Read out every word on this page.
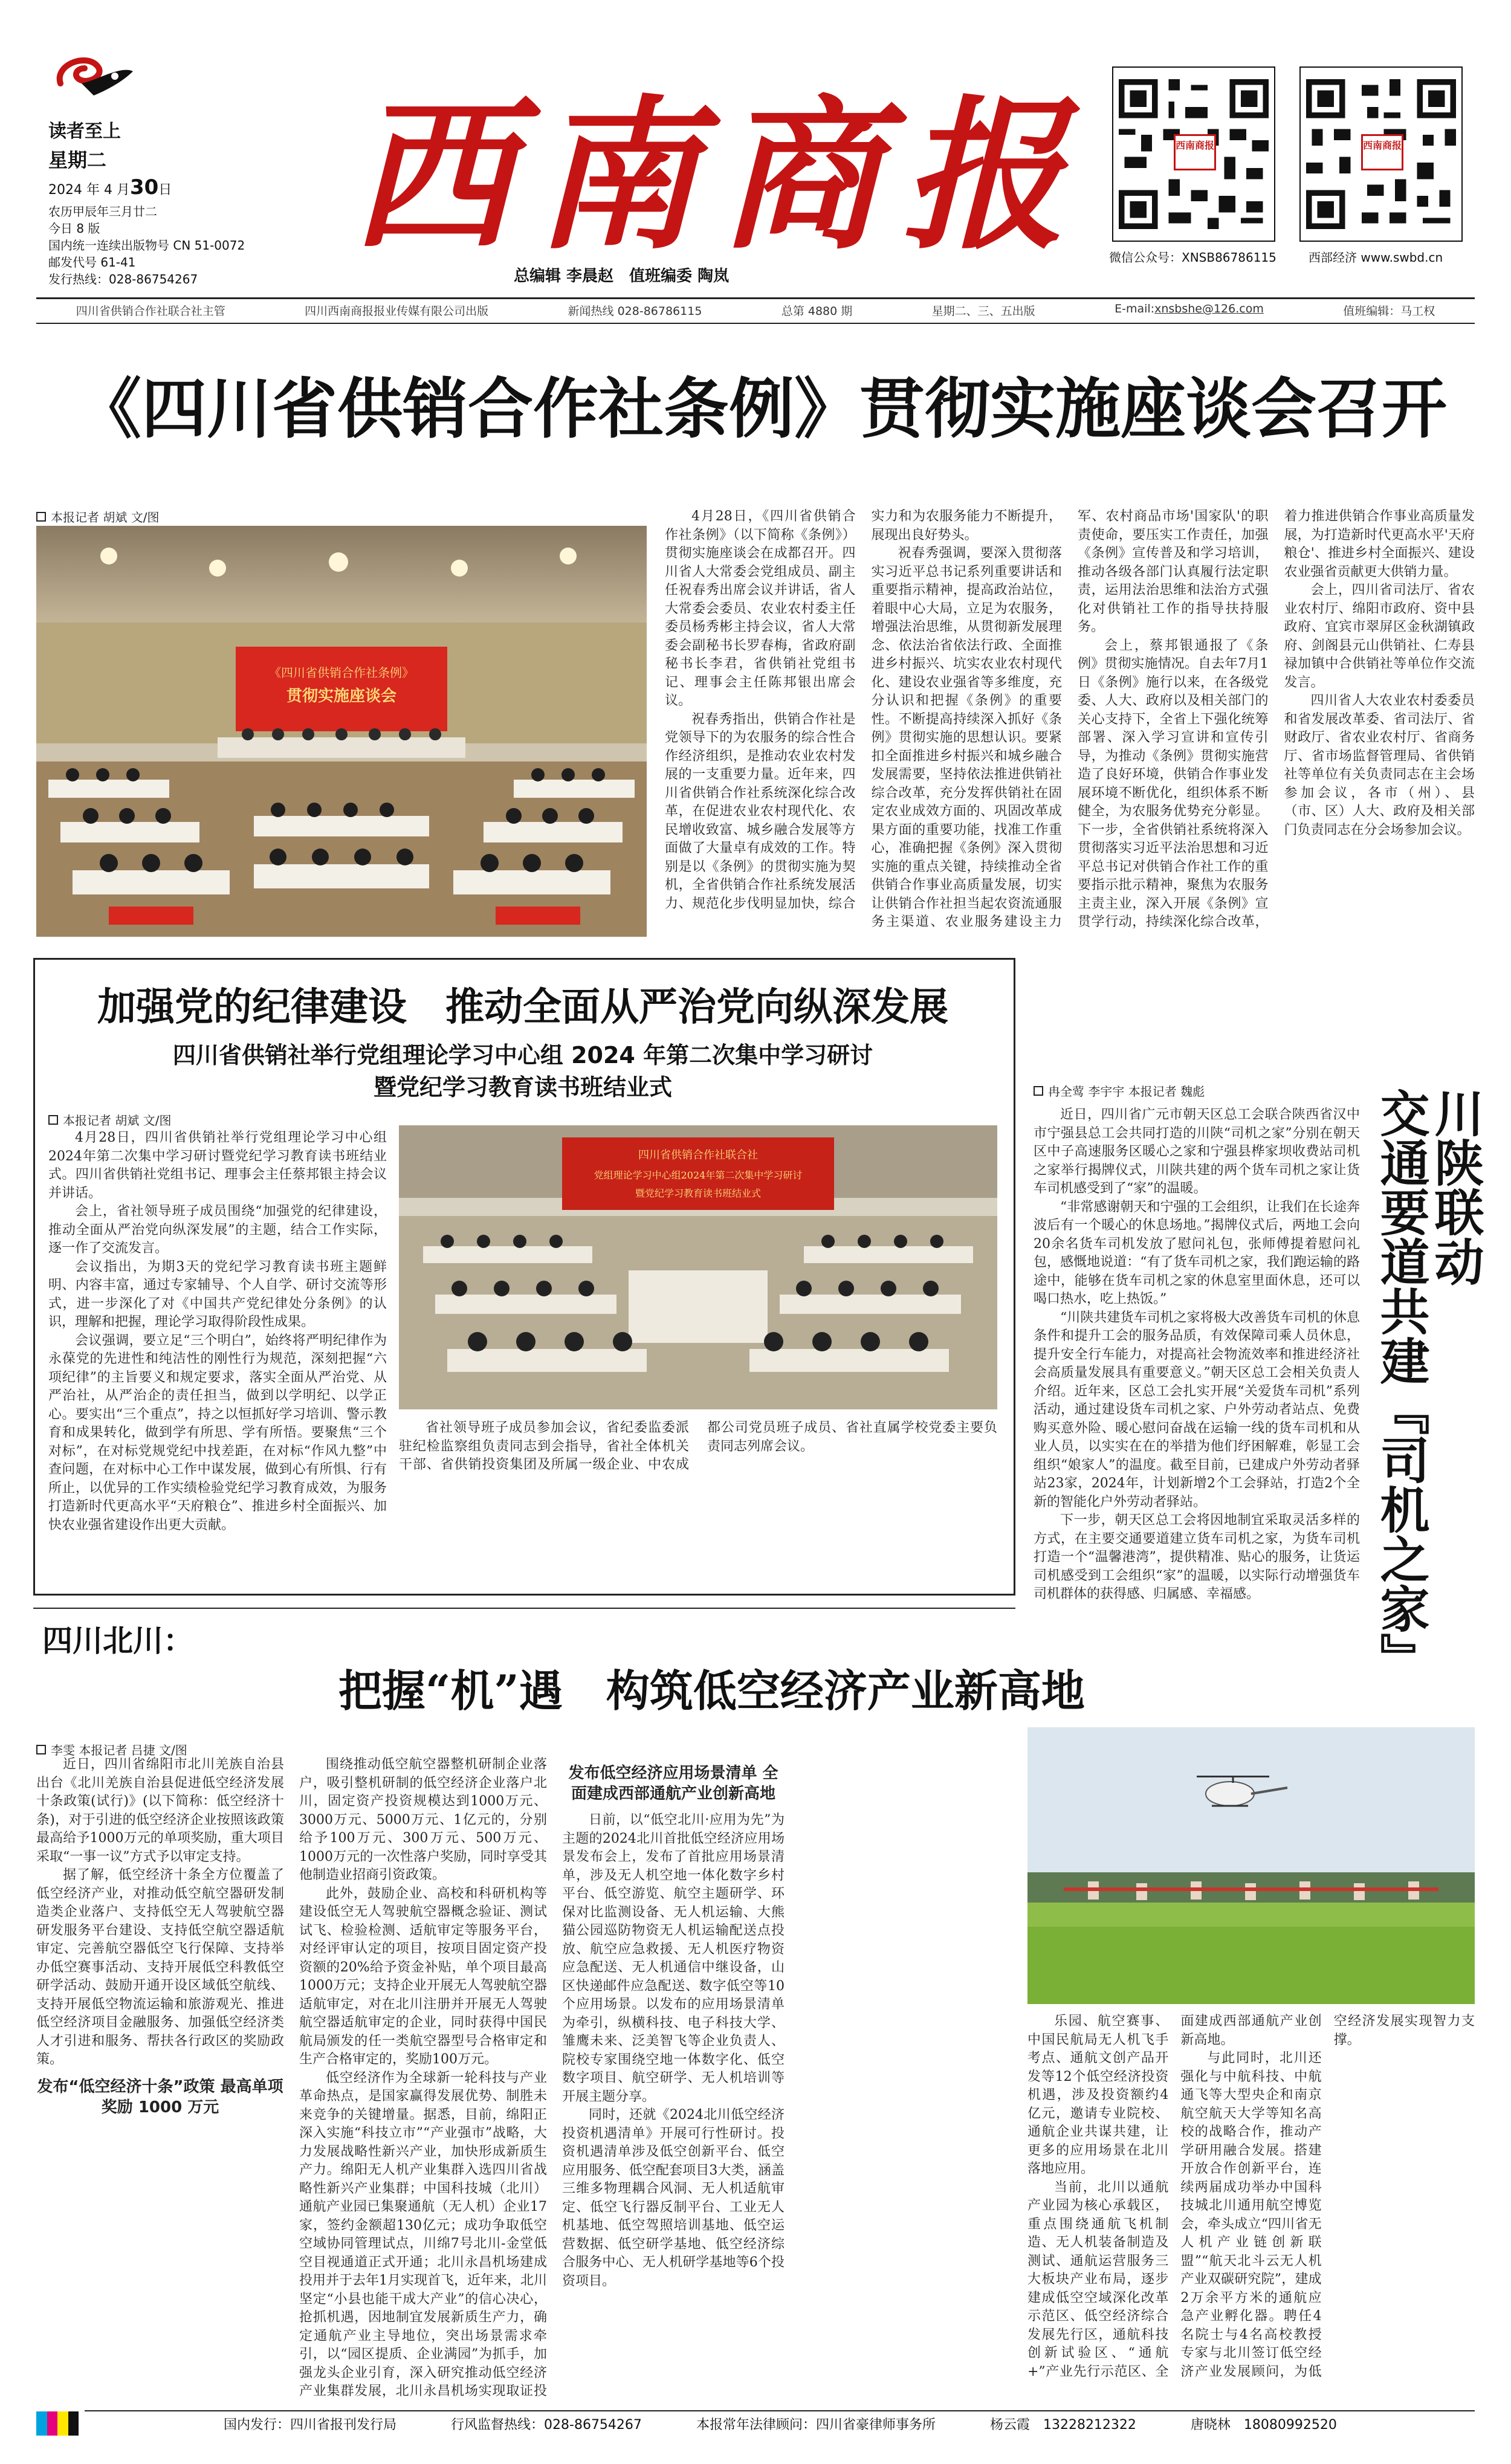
读者至上
星期二
2024 年 4 月30日
农历甲辰年三月廿二
今日 8 版
国内统一连续出版物号 CN 51-0072
邮发代号 61-41
发行热线：028-86754267
西南商报
总编辑 李晨赵　值班编委 陶岚
西南商报	西南商报
微信公众号：XNSB86786115	西部经济 www.swbd.cn
四川省供销合作社联合社主管	四川西南商报报业传媒有限公司出版	新闻热线 028-86786115	总第 4880 期	星期二、三、五出版	E-mail:xnsbshe@126.com	值班编辑：马工权
《四川省供销合作社条例》贯彻实施座谈会召开
本报记者 胡斌 文/图
《四川省供销合作社条例》
贯彻实施座谈会

4月28日，《四川省供销合作社条例》（以下简称《条例》）贯彻实施座谈会在成都召开。四川省人大常委会党组成员、副主任祝春秀出席会议并讲话，省人大常委会委员、农业农村委主任委员杨秀彬主持会议，省人大常委会副秘书长罗春梅，省政府副秘书长李君，省供销社党组书记、理事会主任陈邦银出席会议。

祝春秀指出，供销合作社是党领导下的为农服务的综合性合作经济组织，是推动农业农村发展的一支重要力量。近年来，四川省供销合作社系统深化综合改革，在促进农业农村现代化、农民增收致富、城乡融合发展等方面做了大量卓有成效的工作。特别是以《条例》的贯彻实施为契机，全省供销合作社系统发展活力、规范化步伐明显加快，综合实力和为农服务能力不断提升，展现出良好势头。

祝春秀强调，要深入贯彻落实习近平总书记系列重要讲话和重要指示精神，提高政治站位，着眼中心大局，立足为农服务，增强法治思维，从贯彻新发展理念、依法治省依法行政、全面推进乡村振兴、坑实农业农村现代化、建设农业强省等多维度，充分认识和把握《条例》的重要性。不断提高持续深入抓好《条例》贯彻实施的思想认识。要紧扣全面推进乡村振兴和城乡融合发展需要，坚持依法推进供销社综合改革，充分发挥供销社在固定农业成效方面的、巩固改革成果方面的重要功能，找准工作重心，准确把握《条例》深入贯彻实施的重点关键，持续推动全省供销合作事业高质量发展，切实让供销合作社担当起农资流通服务主渠道、农业服务建设主力军、农村商品市场'国家队'的职责使命，要压实工作责任，加强《条例》宣传普及和学习培训，推动各级各部门认真履行法定职责，运用法治思维和法治方式强化对供销社工作的指导扶持服务。

会上，蔡邦银通报了《条例》贯彻实施情况。自去年7月1日《条例》施行以来，在各级党委、人大、政府以及相关部门的关心支持下，全省上下强化统筹部署、深入学习宣讲和宣传引导，为推动《条例》贯彻实施营造了良好环境，供销合作事业发展环境不断优化，组织体系不断健全，为农服务优势充分彰显。下一步，全省供销社系统将深入贯彻落实习近平法治思想和习近平总书记对供销合作社工作的重要指示批示精神，聚焦为农服务主责主业，深入开展《条例》宣贯学行动，持续深化综合改革，着力推进供销合作事业高质量发展，为打造新时代更高水平'天府粮仓'、推进乡村全面振兴、建设农业强省贡献更大供销力量。

会上，四川省司法厅、省农业农村厅、绵阳市政府、资中县政府、宜宾市翠屏区金秋湖镇政府、剑阁县元山供销社、仁寿县禄加镇中合供销社等单位作交流发言。

四川省人大农业农村委委员和省发展改革委、省司法厅、省财政厅、省农业农村厅、省商务厅、省市场监督管理局、省供销社等单位有关负责同志在主会场参加会议，各市（州）、县（市、区）人大、政府及相关部门负责同志在分会场参加会议。

加强党的纪律建设　推动全面从严治党向纵深发展
四川省供销社举行党组理论学习中心组 2024 年第二次集中学习研讨
暨党纪学习教育读书班结业式
本报记者 胡斌 文/图
四川省供销合作社联合社
党组理论学习中心组2024年第二次集中学习研讨
暨党纪学习教育读书班结业式

4月28日，四川省供销社举行党组理论学习中心组2024年第二次集中学习研讨暨党纪学习教育读书班结业式。四川省供销社党组书记、理事会主任蔡邦银主持会议并讲话。

会上，省社领导班子成员围绕“加强党的纪律建设，推动全面从严治党向纵深发展”的主题，结合工作实际，逐一作了交流发言。

会议指出，为期3天的党纪学习教育读书班主题鲜明、内容丰富，通过专家辅导、个人自学、研讨交流等形式，进一步深化了对《中国共产党纪律处分条例》的认识，理解和把握，理论学习取得阶段性成果。

会议强调，要立足“三个明白”，始终将严明纪律作为永葆党的先进性和纯洁性的刚性行为规范，深刻把握“六项纪律”的主旨要义和规定要求，落实全面从严治党、从严治社，从严治企的责任担当，做到以学明纪、以学正心。要实出“三个重点”，持之以恒抓好学习培训、警示教育和成果转化，做到学有所思、学有所悟。要聚焦“三个对标”，在对标党规党纪中找差距，在对标“作风九整”中查问题，在对标中心工作中谋发展，做到心有所惧、行有所止，以优异的工作实绩检验党纪学习教育成效，为服务打造新时代更高水平“天府粮仓”、推进乡村全面振兴、加快农业强省建设作出更大贡献。

省社领导班子成员参加会议，省纪委监委派驻纪检监察组负责同志到会指导，省社全体机关干部、省供销投资集团及所属一级企业、中农成都公司党员班子成员、省社直属学校党委主要负责同志列席会议。

冉全莺 李宇宇 本报记者 魏彪	交通要道共建『司机之家』
川陕联动

近日，四川省广元市朝天区总工会联合陕西省汉中市宁强县总工会共同打造的川陕“司机之家”分别在朝天区中子高速服务区暖心之家和宁强县桦家坝收费站司机之家举行揭牌仪式，川陕共建的两个货车司机之家让货车司机感受到了“家”的温暖。

“非常感谢朝天和宁强的工会组织，让我们在长途奔波后有一个暖心的休息场地。”揭牌仪式后，两地工会向20余名货车司机发放了慰问礼包，张师傅提着慰问礼包，感慨地说道：“有了货车司机之家，我们跑运输的路途中，能够在货车司机之家的休息室里面休息，还可以喝口热水，吃上热饭。”

“川陕共建货车司机之家将极大改善货车司机的休息条件和提升工会的服务品质，有效保障司乘人员休息，提升安全行车能力，对提高社会物流效率和推进经济社会高质量发展具有重要意义。”朝天区总工会相关负责人介绍。近年来，区总工会扎实开展“关爱货车司机”系列活动，通过建设货车司机之家、户外劳动者站点、免费购买意外险、暖心慰问奋战在运输一线的货车司机和从业人员，以实实在在的举措为他们纾困解难，彰显工会组织“娘家人”的温度。截至目前，已建成户外劳动者驿站23家，2024年，计划新增2个工会驿站，打造2个全新的智能化户外劳动者驿站。

下一步，朝天区总工会将因地制宜采取灵活多样的方式，在主要交通要道建立货车司机之家，为货车司机打造一个“温馨港湾”，提供精准、贴心的服务，让货运司机感受到工会组织“家”的温暖，以实际行动增强货车司机群体的获得感、归属感、幸福感。

四川北川：
把握“机”遇　构筑低空经济产业新高地
李雯 本报记者 吕捷 文/图

近日，四川省绵阳市北川羌族自治县出台《北川羌族自治县促进低空经济发展十条政策(试行)》(以下简称：低空经济十条)，对于引进的低空经济企业按照该政策最高给予1000万元的单项奖励，重大项目采取“一事一议”方式予以审定支持。

据了解，低空经济十条全方位覆盖了低空经济产业，对推动低空航空器研发制造类企业落户、支持低空无人驾驶航空器研发服务平台建设、支持低空航空器适航审定、完善航空器低空飞行保障、支持举办低空赛事活动、支持开展低空科教低空研学活动、鼓励开通开设区域低空航线、支持开展低空物流运输和旅游观光、推进低空经济项目金融服务、加强低空经济类人才引进和服务、帮扶各行政区的奖励政策。

发布“低空经济十条”政策 最高单项奖励 1000 万元

围绕推动低空航空器整机研制企业落户，吸引整机研制的低空经济企业落户北川，固定资产投资规模达到1000万元、3000万元、5000万元、1亿元的，分别给予100万元、300万元、500万元、1000万元的一次性落户奖励，同时享受其他制造业招商引资政策。

此外，鼓励企业、高校和科研机构等建设低空无人驾驶航空器概念验证、测试试飞、检验检测、适航审定等服务平台，对经评审认定的项目，按项目固定资产投资额的20%给予资金补贴，单个项目最高1000万元；支持企业开展无人驾驶航空器适航审定，对在北川注册并开展无人驾驶航空器适航审定的企业，同时获得中国民航局颁发的任一类航空器型号合格审定和生产合格审定的，奖励100万元。

低空经济作为全球新一轮科技与产业革命热点，是国家赢得发展优势、制胜未来竞争的关键增量。据悉，目前，绵阳正深入实施“科技立市”“产业强市”战略，大力发展战略性新兴产业，加快形成新质生产力。绵阳无人机产业集群入选四川省战略性新兴产业集群；中国科技城（北川）通航产业园已集聚通航（无人机）企业17家，签约金额超130亿元；成功争取低空空域协同管理试点，川绵7号北川-金堂低空目视通道正式开通；北川永昌机场建成投用并于去年1月实现首飞，近年来，北川坚定“小县也能干成大产业”的信心决心，抢抓机遇，因地制宜发展新质生产力，确定通航产业主导地位，突出场景需求牵引，以“园区提质、企业满园”为抓手，加强龙头企业引育，深入研究推动低空经济产业集群发展，北川永昌机场实现取证投

发布低空经济应用场景清单 全面建成西部通航产业创新高地

日前，以“低空北川·应用为先”为主题的2024北川首批低空经济应用场景发布会上，发布了首批应用场景清单，涉及无人机空地一体化数字乡村平台、低空游览、航空主题研学、环保对比监测设备、无人机运输、大熊猫公园巡防物资无人机运输配送点投放、航空应急救援、无人机医疗物资应急配送、无人机通信中继设备，山区快递邮件应急配送、数字低空等10个应用场景。以发布的应用场景清单为牵引，纵横科技、电子科技大学、雏鹰未来、泛美智飞等企业负责人、院校专家围绕空地一体数字化、低空数字项目、航空研学、无人机培训等开展主题分享。

同时，还就《2024北川低空经济投资机遇清单》开展可行性研讨。投资机遇清单涉及低空创新平台、低空应用服务、低空配套项目3大类，涵盖三维多物理耦合风洞、无人机适航审定、低空飞行器反制平台、工业无人机基地、低空驾照培训基地、低空运营数据、低空研学基地、低空经济综合服务中心、无人机研学基地等6个投资项目。

乐园、航空赛事、中国民航局无人机飞手考点、通航文创产品开发等12个低空经济投资机遇，涉及投资额约4亿元，邀请专业院校、通航企业共谋共建，让更多的应用场景在北川落地应用。

当前，北川以通航产业园为核心承载区，重点围绕通航飞机制造、无人机装备制造及测试、通航运营服务三大板块产业布局，逐步建成低空空域深化改革示范区、低空经济综合发展先行区，通航科技创新试验区、“通航+”产业先行示范区、全面建成西部通航产业创新高地。

与此同时，北川还强化与中航科技、中航通飞等大型央企和南京航空航天大学等知名高校的战略合作，推动产学研用融合发展。搭建开放合作创新平台，连续两届成功举办中国科技城北川通用航空博览会，牵头成立“四川省无人机产业链创新联盟”“航天北斗云无人机产业双碳研究院”，建成2万余平方米的通航应急产业孵化器。聘任4名院士与4名高校教授专家与北川签订低空经济产业发展顾问，为低空经济发展实现智力支撑。

国内发行：四川省报刊发行局	行风监督热线：028-86754267	本报常年法律顾问：四川省豪律师事务所	杨云霞　13228212322	唐晓林　18080992520
